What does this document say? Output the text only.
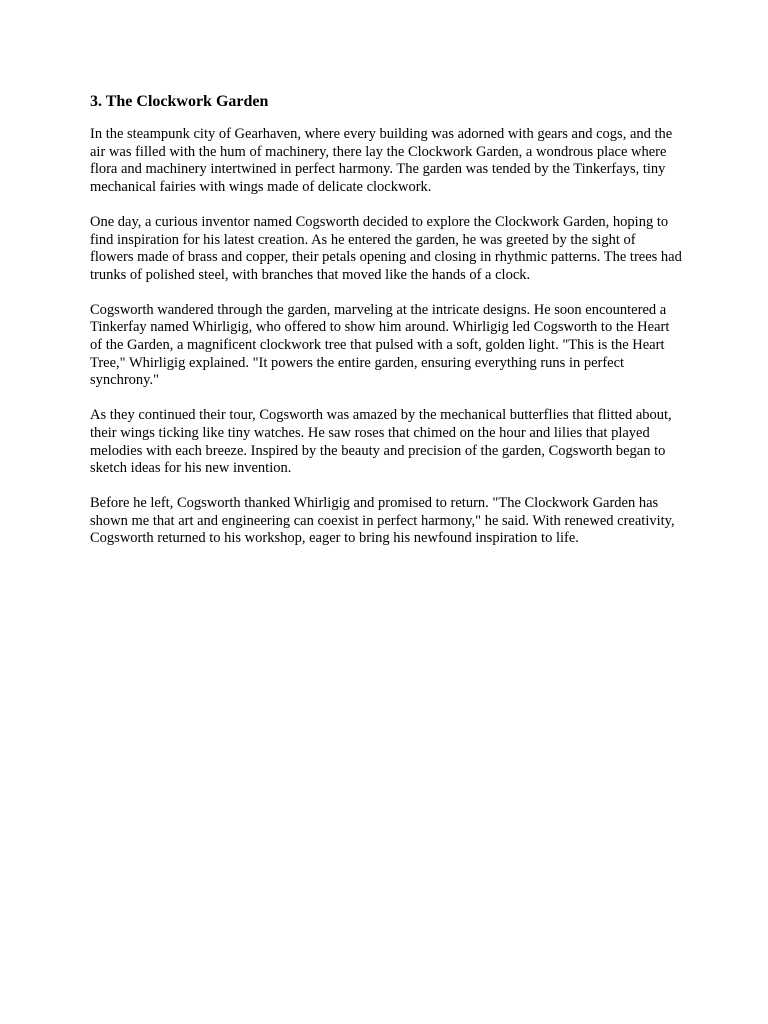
3. The Clockwork Garden

In the steampunk city of Gearhaven, where every building was adorned with gears and cogs, and the air was filled with the hum of machinery, there lay the Clockwork Garden, a wondrous place where flora and machinery intertwined in perfect harmony. The garden was tended by the Tinkerfays, tiny mechanical fairies with wings made of delicate clockwork.

One day, a curious inventor named Cogsworth decided to explore the Clockwork Garden, hoping to find inspiration for his latest creation. As he entered the garden, he was greeted by the sight of flowers made of brass and copper, their petals opening and closing in rhythmic patterns. The trees had trunks of polished steel, with branches that moved like the hands of a clock.

Cogsworth wandered through the garden, marveling at the intricate designs. He soon encountered a Tinkerfay named Whirligig, who offered to show him around. Whirligig led Cogsworth to the Heart of the Garden, a magnificent clockwork tree that pulsed with a soft, golden light. "This is the Heart Tree," Whirligig explained. "It powers the entire garden, ensuring everything runs in perfect synchrony."

As they continued their tour, Cogsworth was amazed by the mechanical butterflies that flitted about, their wings ticking like tiny watches. He saw roses that chimed on the hour and lilies that played melodies with each breeze. Inspired by the beauty and precision of the garden, Cogsworth began to sketch ideas for his new invention.

Before he left, Cogsworth thanked Whirligig and promised to return. "The Clockwork Garden has shown me that art and engineering can coexist in perfect harmony," he said. With renewed creativity, Cogsworth returned to his workshop, eager to bring his newfound inspiration to life.
